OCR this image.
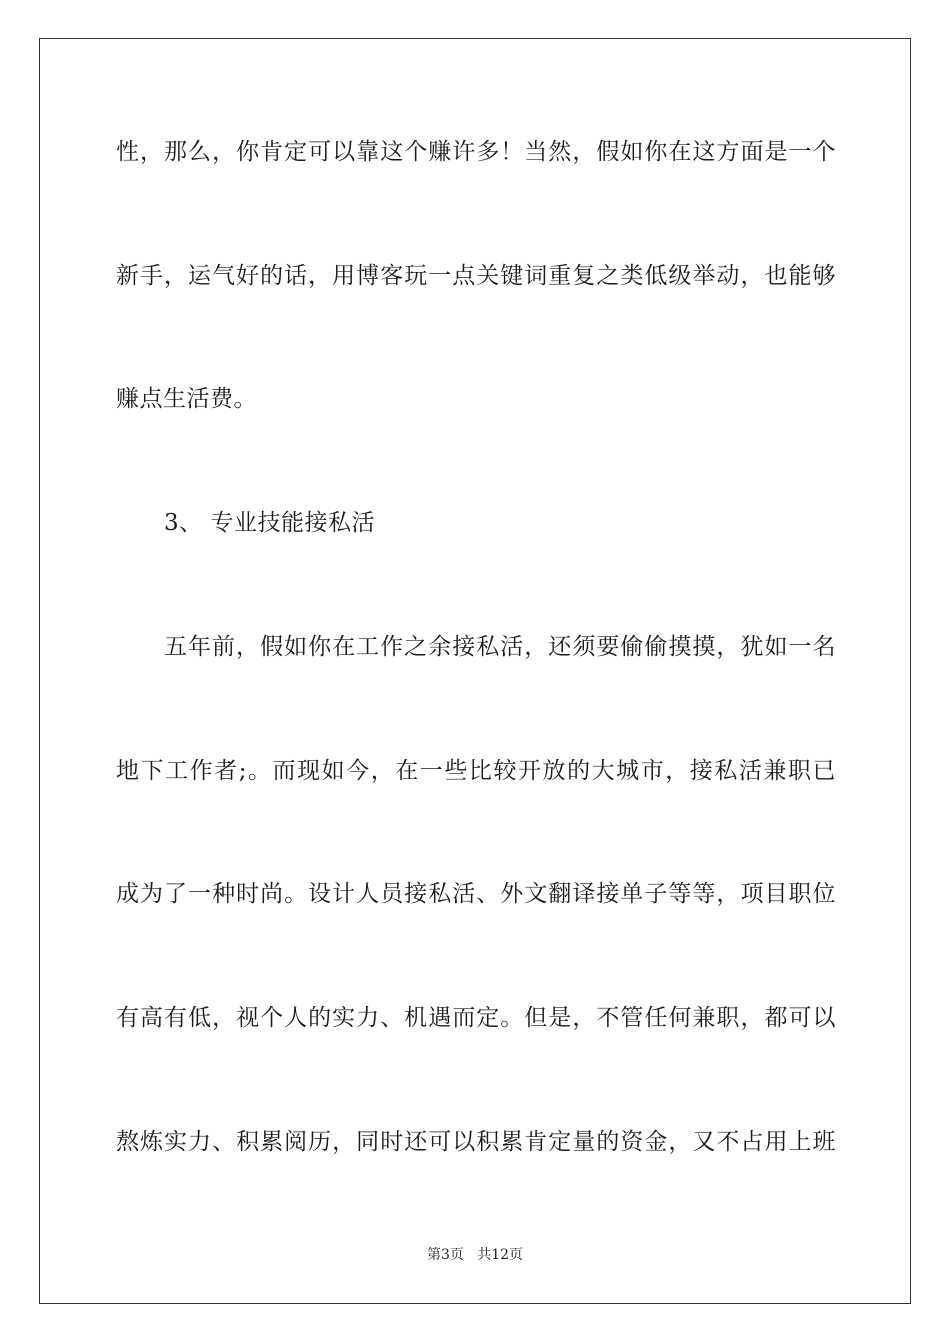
性，那么，你肯定可以靠这个赚许多！当然，假如你在这方面是一个
新手，运气好的话，用博客玩一点关键词重复之类低级举动，也能够
赚点生活费。
3、 专业技能接私活
五年前，假如你在工作之余接私活，还须要偷偷摸摸，犹如一名
地下工作者;。而现如今，在一些比较开放的大城市，接私活兼职已
成为了一种时尚。设计人员接私活、外文翻译接单子等等，项目职位
有高有低，视个人的实力、机遇而定。但是，不管任何兼职，都可以
熬炼实力、积累阅历，同时还可以积累肯定量的资金，又不占用上班
第3页   共12页
